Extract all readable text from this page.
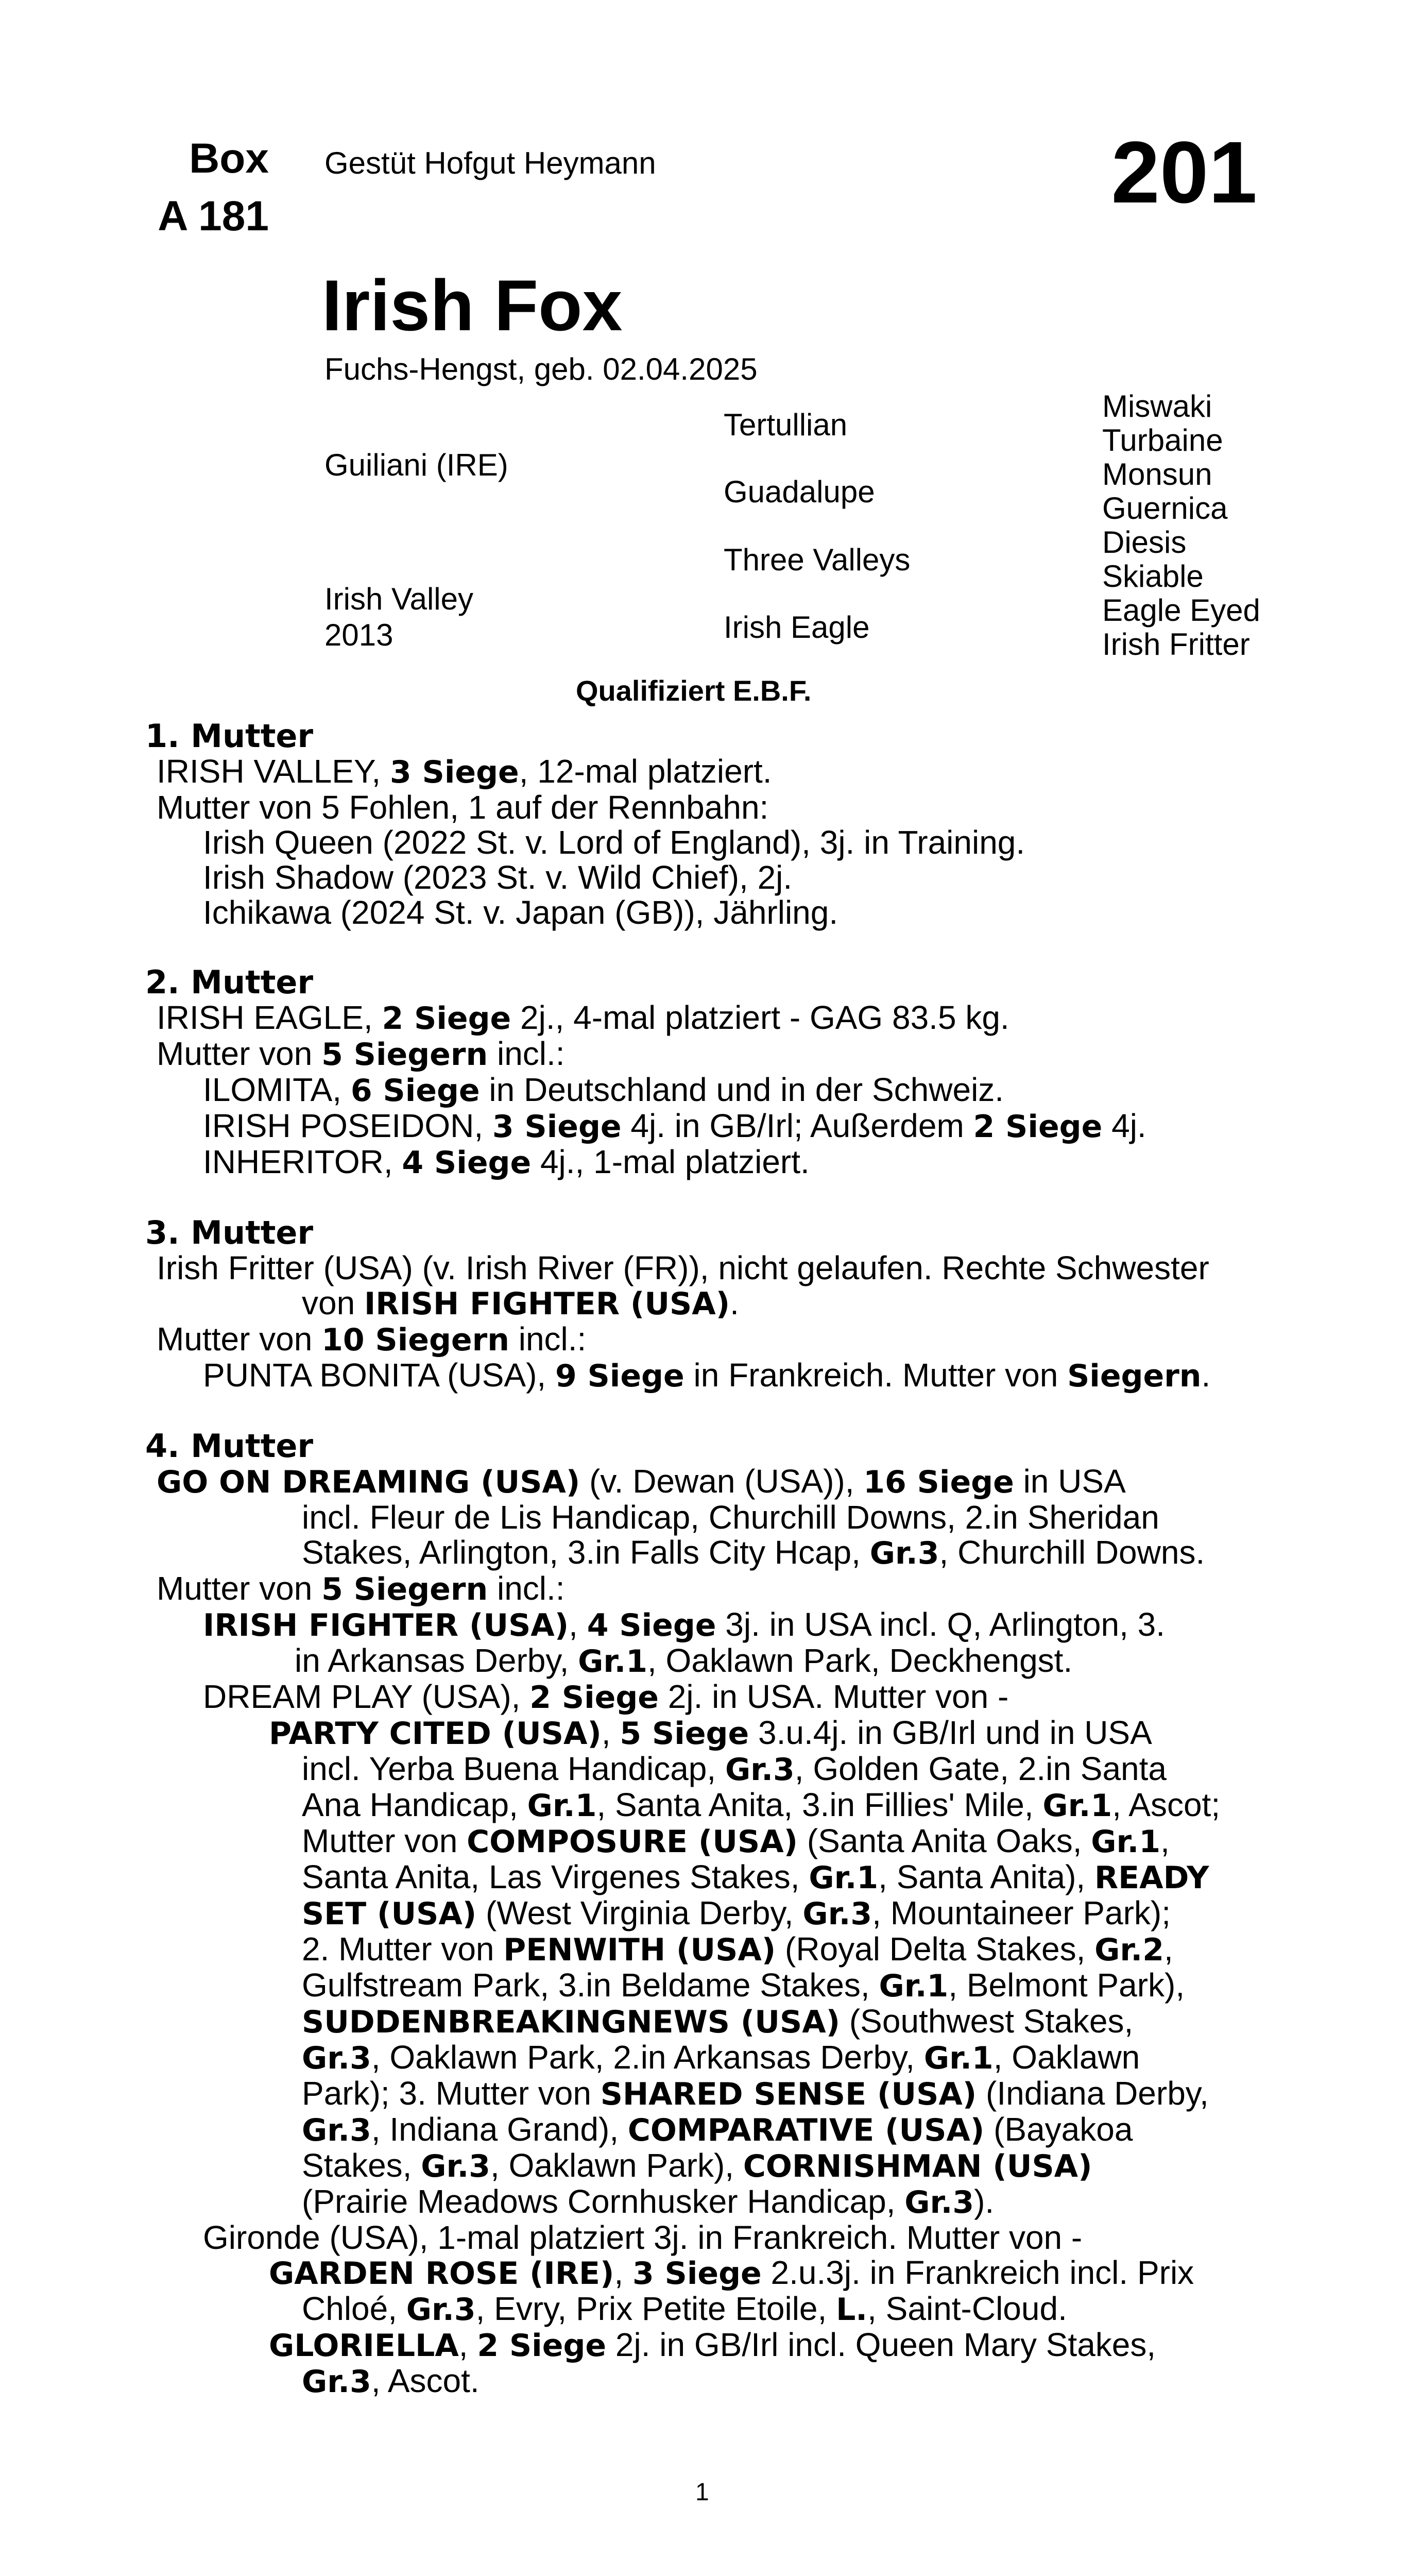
Box
A 181
Gestüt Hofgut Heymann	201
Irish Fox
Fuchs-Hengst, geb. 02.04.2025
Guiliani (IRE)
Irish Valley
2013
Tertullian
Guadalupe
Three Valleys
Irish Eagle
Miswaki
Turbaine
Monsun
Guernica
Diesis
Skiable
Eagle Eyed
Irish Fritter
Qualifiziert E.B.F.
1. Mutter
IRISH VALLEY, 3 Siege, 12-mal platziert.
Mutter von 5 Fohlen, 1 auf der Rennbahn:
Irish Queen (2022 St. v. Lord of England), 3j. in Training.
Irish Shadow (2023 St. v. Wild Chief), 2j.
Ichikawa (2024 St. v. Japan (GB)), Jährling.
2. Mutter
IRISH EAGLE, 2 Siege 2j., 4-mal platziert - GAG 83.5 kg.
Mutter von 5 Siegern incl.:
ILOMITA, 6 Siege in Deutschland und in der Schweiz.
IRISH POSEIDON, 3 Siege 4j. in GB/Irl; Außerdem 2 Siege 4j.
INHERITOR, 4 Siege 4j., 1-mal platziert.
3. Mutter
Irish Fritter (USA) (v. Irish River (FR)), nicht gelaufen. Rechte Schwester
von IRISH FIGHTER (USA).
Mutter von 10 Siegern incl.:
PUNTA BONITA (USA), 9 Siege in Frankreich. Mutter von Siegern.
4. Mutter
GO ON DREAMING (USA) (v. Dewan (USA)), 16 Siege in USA
incl. Fleur de Lis Handicap, Churchill Downs, 2.in Sheridan
Stakes, Arlington, 3.in Falls City Hcap, Gr.3, Churchill Downs.
Mutter von 5 Siegern incl.:
IRISH FIGHTER (USA), 4 Siege 3j. in USA incl. Q, Arlington, 3.
in Arkansas Derby, Gr.1, Oaklawn Park, Deckhengst.
DREAM PLAY (USA), 2 Siege 2j. in USA. Mutter von -
PARTY CITED (USA), 5 Siege 3.u.4j. in GB/Irl und in USA
incl. Yerba Buena Handicap, Gr.3, Golden Gate, 2.in Santa
Ana Handicap, Gr.1, Santa Anita, 3.in Fillies' Mile, Gr.1, Ascot;
Mutter von COMPOSURE (USA) (Santa Anita Oaks, Gr.1,
Santa Anita, Las Virgenes Stakes, Gr.1, Santa Anita), READY
SET (USA) (West Virginia Derby, Gr.3, Mountaineer Park);
2. Mutter von PENWITH (USA) (Royal Delta Stakes, Gr.2,
Gulfstream Park, 3.in Beldame Stakes, Gr.1, Belmont Park),
SUDDENBREAKINGNEWS (USA) (Southwest Stakes,
Gr.3, Oaklawn Park, 2.in Arkansas Derby, Gr.1, Oaklawn
Park); 3. Mutter von SHARED SENSE (USA) (Indiana Derby,
Gr.3, Indiana Grand), COMPARATIVE (USA) (Bayakoa
Stakes, Gr.3, Oaklawn Park), CORNISHMAN (USA)
(Prairie Meadows Cornhusker Handicap, Gr.3).
Gironde (USA), 1-mal platziert 3j. in Frankreich. Mutter von -
GARDEN ROSE (IRE), 3 Siege 2.u.3j. in Frankreich incl. Prix
Chloé, Gr.3, Evry, Prix Petite Etoile, L., Saint-Cloud.
GLORIELLA, 2 Siege 2j. in GB/Irl incl. Queen Mary Stakes,
Gr.3, Ascot.
1
